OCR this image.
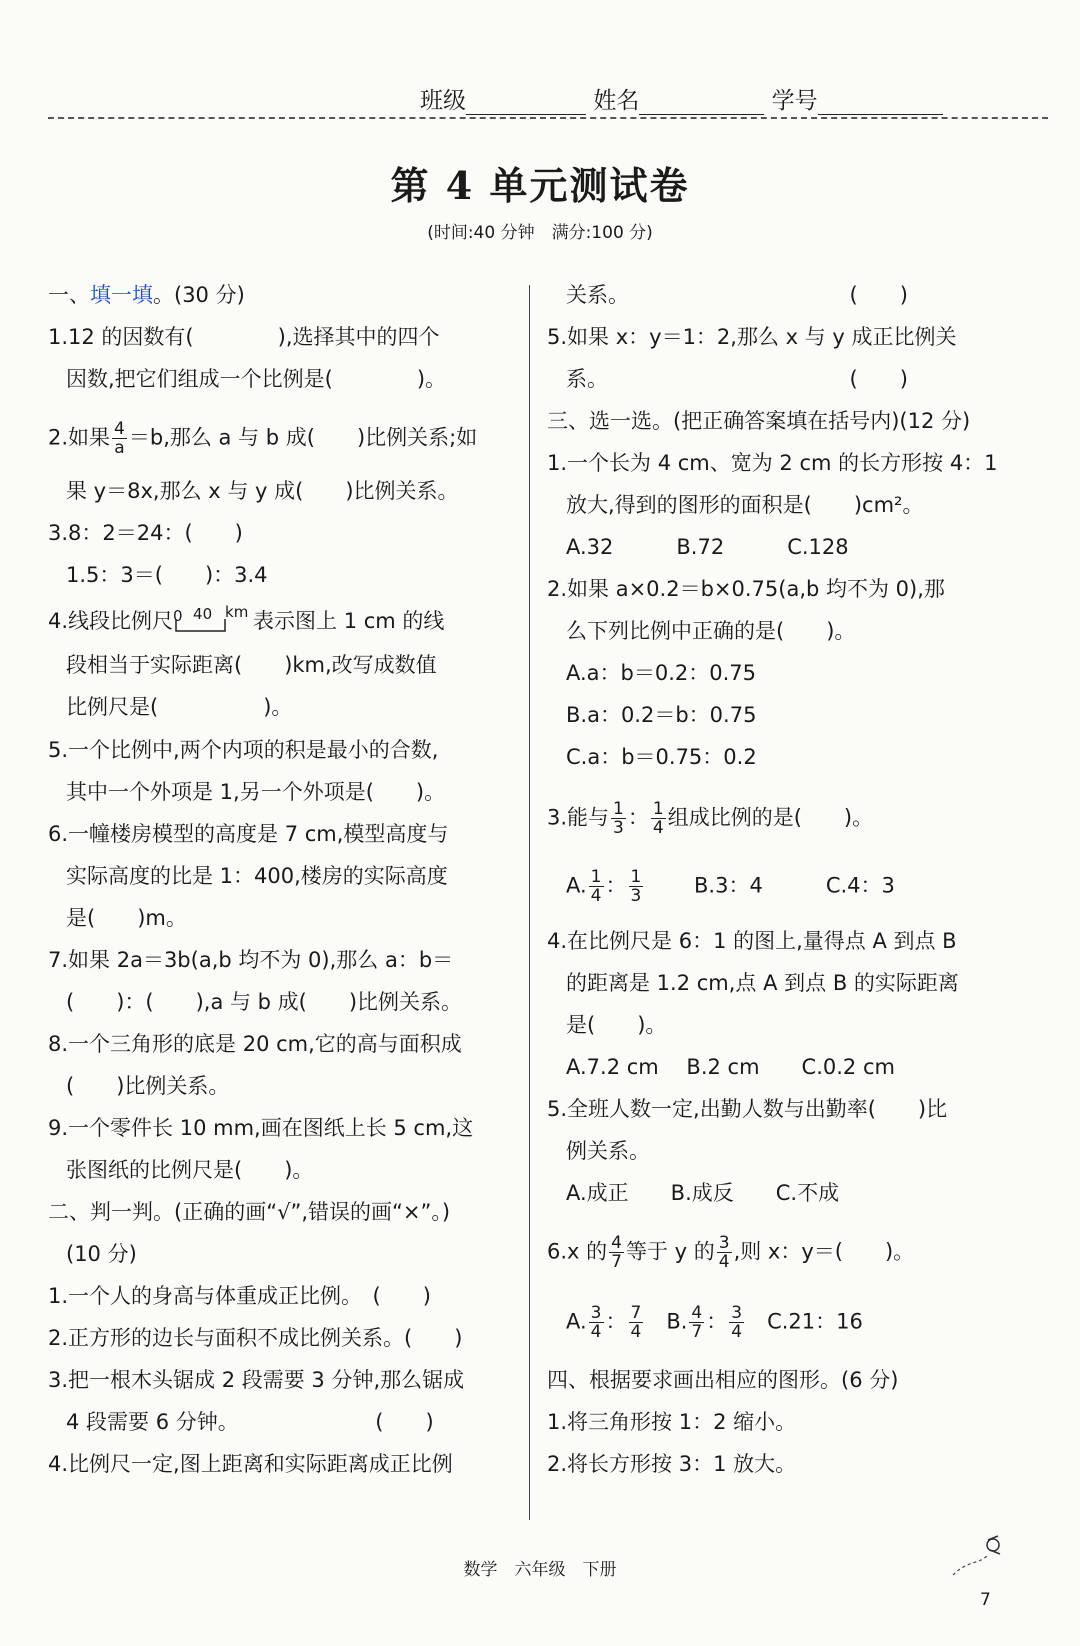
班级	姓名	学号
第 4 单元测试卷
(时间:40 分钟　满分:100 分)
一、填一填。(30 分)
1.12 的因数有(　　　　),选择其中的四个
因数,把它们组成一个比例是(　　　　)。
2.如果 $\frac{4}{a} =b$,那么 a 与 b 成(　　)比例关系;如
果 y＝8x,那么 x 与 y 成(　　)比例关系。
3.8：2＝24：(　　)
1.5：3＝(　　)：3.4
4.线段比例尺 0 40 km 表示图上 1 cm 的线
段相当于实际距离(　　)km,改写成数值
比例尺是(　　　　　)。
5.一个比例中,两个内项的积是最小的合数,
其中一个外项是 1,另一个外项是(　　)。
6.一幢楼房模型的高度是 7 cm,模型高度与
实际高度的比是 1：400,楼房的实际高度
是(　　)m。
7.如果 2a＝3b(a,b 均不为 0),那么 a：b＝
(　　)：(　　),a 与 b 成(　　)比例关系。
8.一个三角形的底是 20 cm,它的高与面积成
(　　)比例关系。
9.一个零件长 10 mm,画在图纸上长 5 cm,这
张图纸的比例尺是(　　)。
二、判一判。(正确的画“√”,错误的画“×”。)
(10 分)
1.一个人的身高与体重成正比例。　(　　)
2.正方形的边长与面积不成比例关系。(　　)
3.把一根木头锯成 2 段需要 3 分钟,那么锯成
4 段需要 6 分钟。　　　　　　　(　　)
4.比例尺一定,图上距离和实际距离成正比例
关系。　　　　　　　　　　　(　　)
5.如果 x：y＝1：2,那么 x 与 y 成正比例关
系。　　　　　　　　　　　　(　　)
三、选一选。(把正确答案填在括号内)(12 分)
1.一个长为 4 cm、宽为 2 cm 的长方形按 4：1
放大,得到的图形的面积是(　　)cm²。
A.32　　　B.72　　　C.128
2.如果 a×0.2＝b×0.75(a,b 均不为 0),那
么下列比例中正确的是(　　)。
A.a：b＝0.2：0.75
B.a：0.2＝b：0.75
C.a：b＝0.75：0.2
3.能与 $\frac{1}{3}$ ： $\frac{1}{4}$ 组成比例的是(　　)。
A. $\frac{1}{4}$ ： $\frac{1}{3}$
　　 B.3：4　　　C.4：3
4.在比例尺是 6：1 的图上,量得点 A 到点 B
的距离是 1.2 cm,点 A 到点 B 的实际距离
是(　　)。
A.7.2 cm　 B.2 cm　　C.0.2 cm
5.全班人数一定,出勤人数与出勤率(　　)比
例关系。
A.成正　　B.成反　　C.不成
6.x 的 $\frac{4}{7}$ 等于 y 的 $\frac{3}{4}$ ,则 x：y＝(　　)。
A. $\frac{3}{4}$ ： $\frac{7}{4}$
　 B. $\frac{4}{7}$ ： $\frac{3}{4}$
　 C.21：16
四、根据要求画出相应的图形。(6 分)
1.将三角形按 1：2 缩小。
2.将长方形按 3：1 放大。
数学　六年级　下册
7
